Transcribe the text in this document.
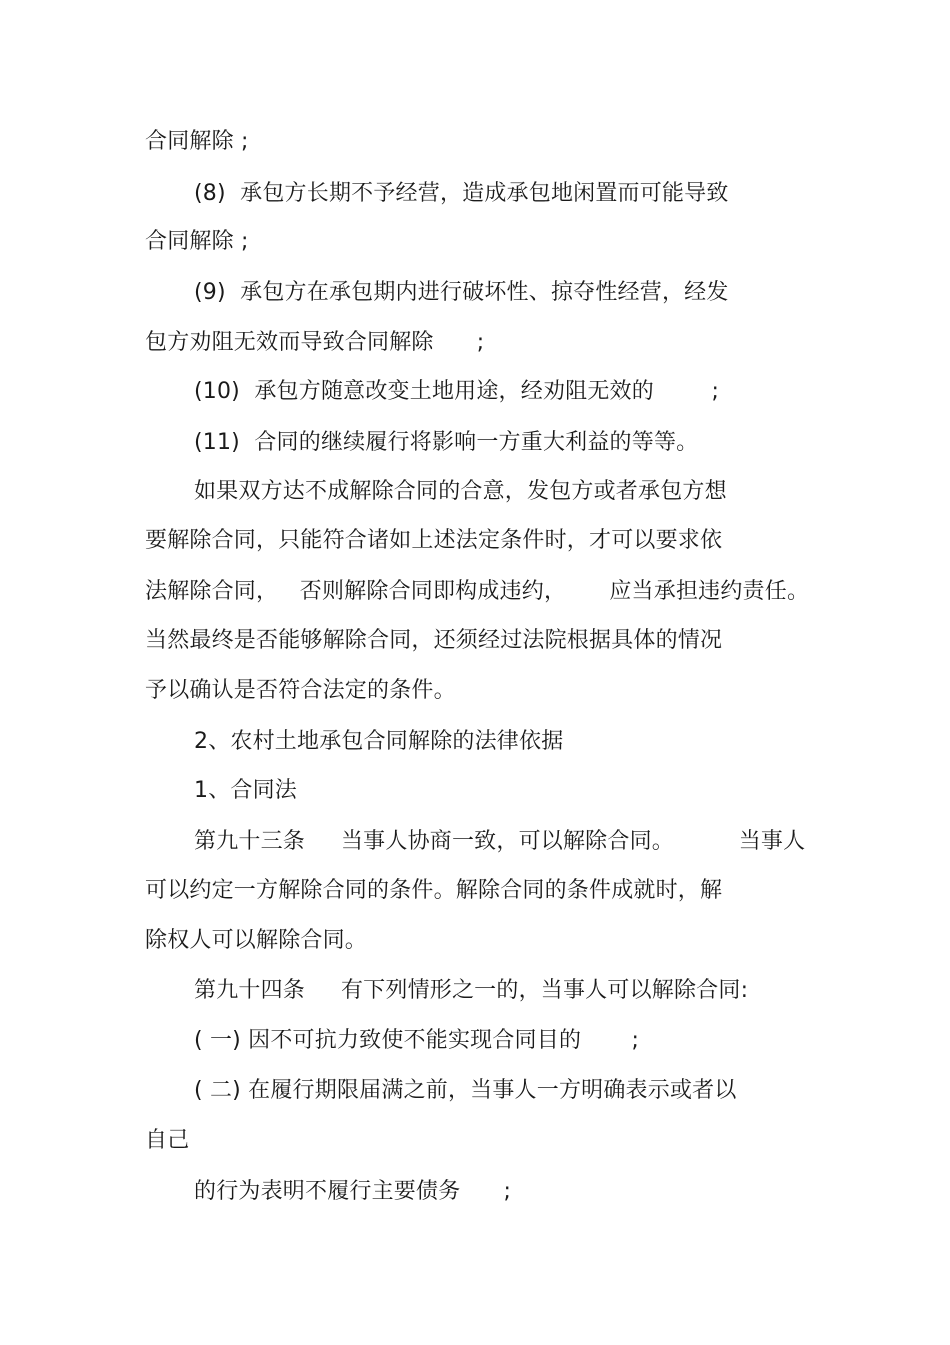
合同解除 ;
(8)  承包方长期不予经营，造成承包地闲置而可能导致
合同解除 ;
(9)  承包方在承包期内进行破坏性、掠夺性经营，经发
包方劝阻无效而导致合同解除      ;
(10)  承包方随意改变土地用途，经劝阻无效的        ;
(11)  合同的继续履行将影响一方重大利益的等等。
如果双方达不成解除合同的合意，发包方或者承包方想
要解除合同，只能符合诸如上述法定条件时，才可以要求依
法解除合同，   否则解除合同即构成违约，      应当承担违约责任。
当然最终是否能够解除合同，还须经过法院根据具体的情况
予以确认是否符合法定的条件。
2、农村土地承包合同解除的法律依据
1、合同法
第九十三条     当事人协商一致，可以解除合同。         当事人
可以约定一方解除合同的条件。解除合同的条件成就时，解
除权人可以解除合同。
第九十四条     有下列情形之一的，当事人可以解除合同:
( 一) 因不可抗力致使不能实现合同目的       ;
( 二) 在履行期限届满之前，当事人一方明确表示或者以
自己
的行为表明不履行主要债务      ;
